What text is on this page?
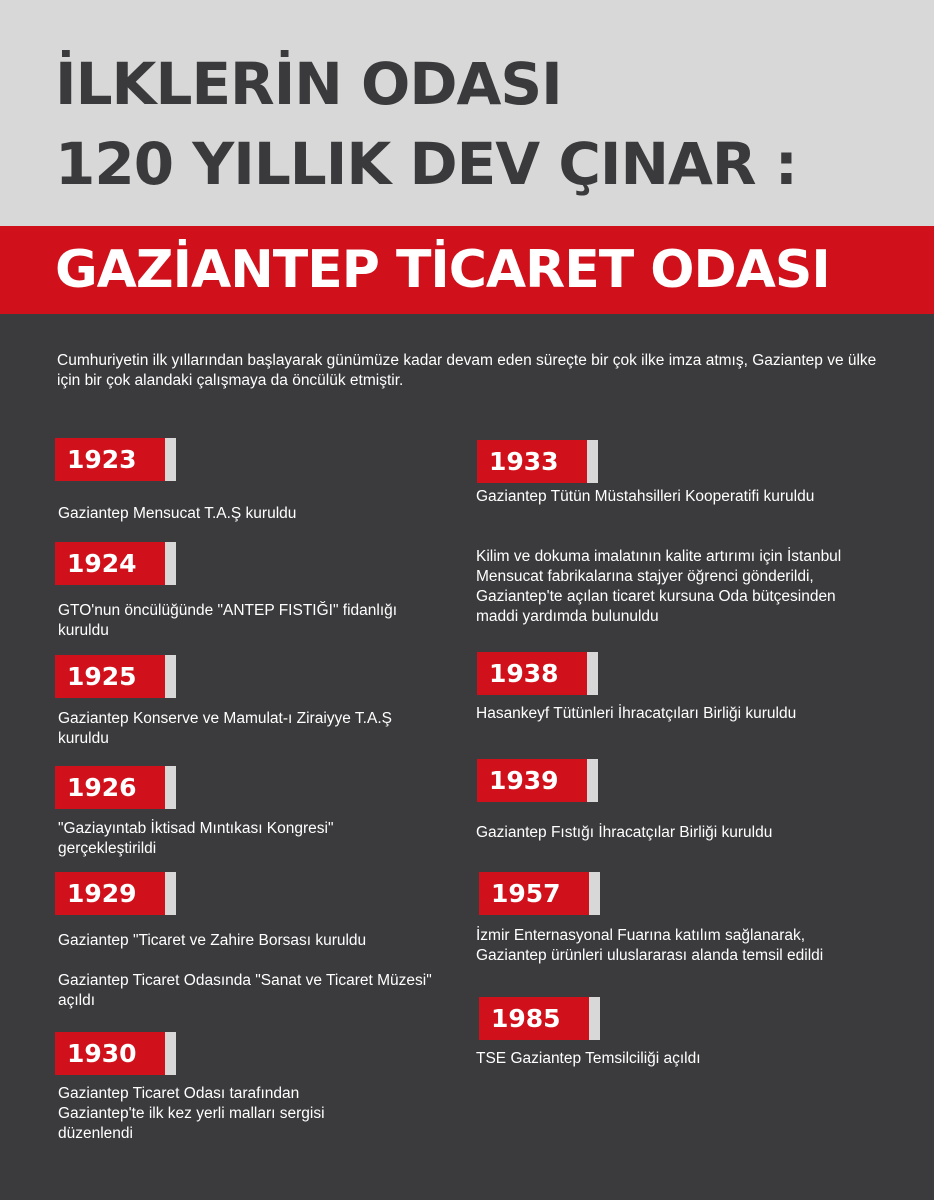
İLKLERİN ODASI
120 YILLIK DEV ÇINAR :
GAZİANTEP TİCARET ODASI

Cumhuriyetin ilk yıllarından başlayarak günümüze kadar devam eden süreçte bir çok ilke imza atmış, Gaziantep ve ülke için bir çok alandaki çalışmaya da öncülük etmiştir.

1923

Gaziantep Mensucat T.A.Ş kuruldu

1924

GTO'nun öncülüğünde "ANTEP FISTIĞI" fidanlığı kuruldu

1925

Gaziantep Konserve ve Mamulat-ı Ziraiyye T.A.Ş kuruldu

1926

"Gaziayıntab İktisad Mıntıkası Kongresi" gerçekleştirildi

1929

Gaziantep "Ticaret ve Zahire Borsası kuruldu

Gaziantep Ticaret Odasında "Sanat ve Ticaret Müzesi" açıldı

1930

Gaziantep Ticaret Odası tarafından Gaziantep'te ilk kez yerli malları sergisi düzenlendi

1933

Gaziantep Tütün Müstahsilleri Kooperatifi kuruldu

Kilim ve dokuma imalatının kalite artırımı için İstanbul Mensucat fabrikalarına stajyer öğrenci gönderildi, Gaziantep'te açılan ticaret kursuna Oda bütçesinden maddi yardımda bulunuldu

1938

Hasankeyf Tütünleri İhracatçıları Birliği kuruldu

1939

Gaziantep Fıstığı İhracatçılar Birliği kuruldu

1957

İzmir Enternasyonal Fuarına katılım sağlanarak, Gaziantep ürünleri uluslararası alanda temsil edildi

1985

TSE Gaziantep Temsilciliği açıldı
